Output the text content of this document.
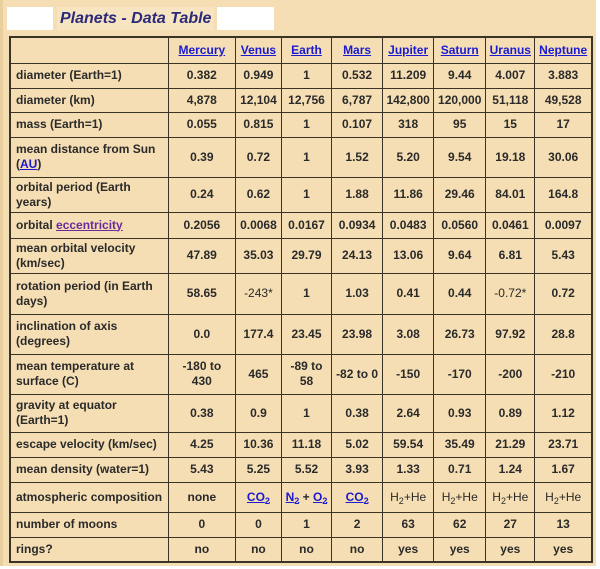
Planets - Data Table
	Mercury	Venus	Earth	Mars	Jupiter	Saturn	Uranus	Neptune
diameter (Earth=1)	0.382	0.949	1	0.532	11.209	9.44	4.007	3.883
diameter (km)	4,878	12,104	12,756	6,787	142,800	120,000	51,118	49,528
mass (Earth=1)	0.055	0.815	1	0.107	318	95	15	17
mean distance from Sun (AU)	0.39	0.72	1	1.52	5.20	9.54	19.18	30.06
orbital period (Earth years)	0.24	0.62	1	1.88	11.86	29.46	84.01	164.8
orbital eccentricity	0.2056	0.0068	0.0167	0.0934	0.0483	0.0560	0.0461	0.0097
mean orbital velocity (km/sec)	47.89	35.03	29.79	24.13	13.06	9.64	6.81	5.43
rotation period (in Earth days)	58.65	-243*	1	1.03	0.41	0.44	-0.72*	0.72
inclination of axis (degrees)	0.0	177.4	23.45	23.98	3.08	26.73	97.92	28.8
mean temperature at surface (C)	-180 to 430	465	-89 to 58	-82 to 0	-150	-170	-200	-210
gravity at equator (Earth=1)	0.38	0.9	1	0.38	2.64	0.93	0.89	1.12
escape velocity (km/sec)	4.25	10.36	11.18	5.02	59.54	35.49	21.29	23.71
mean density (water=1)	5.43	5.25	5.52	3.93	1.33	0.71	1.24	1.67
atmospheric composition	none	$CO_2$	$N_2 + O_2$	$CO_2$	$H_2+He$	$H_2+He$	$H_2+He$	$H_2+He$
number of moons	0	0	1	2	63	62	27	13
rings?	no	no	no	no	yes	yes	yes	yes
